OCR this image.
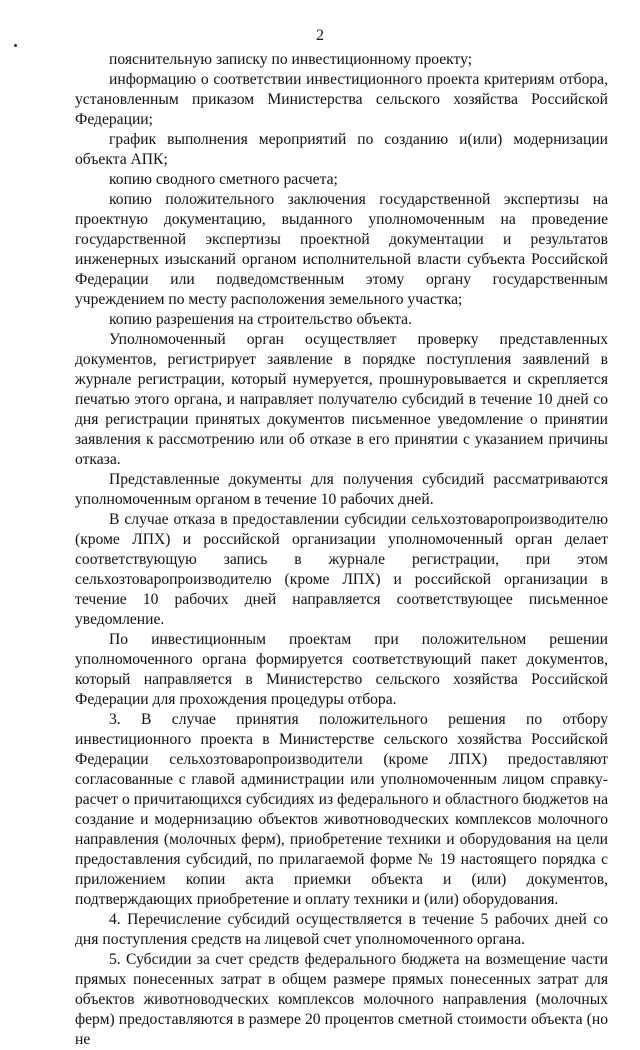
2

пояснительную записку по инвестиционному проекту;

информацию о соответствии инвестиционного проекта критериям отбора, установленным приказом Министерства сельского хозяйства Российской Федерации;

график выполнения мероприятий по созданию и(или) модернизации объекта АПК;

копию сводного сметного расчета;

копию положительного заключения государственной экспертизы на проектную документацию, выданного уполномоченным на проведение государственной экспертизы проектной документации и результатов инженерных изысканий органом исполнительной власти субъекта Российской Федерации или подведомственным этому органу государственным учреждением по месту расположения земельного участка;

копию разрешения на строительство объекта.

Уполномоченный орган осуществляет проверку представленных документов, регистрирует заявление в порядке поступления заявлений в журнале регистрации, который нумеруется, прошнуровывается и скрепляется печатью этого органа, и направляет получателю субсидий в течение 10 дней со дня регистрации принятых документов письменное уведомление о принятии заявления к рассмотрению или об отказе в его принятии с указанием причины отказа.

Представленные документы для получения субсидий рассматриваются уполномоченным органом в течение 10 рабочих дней.

В случае отказа в предоставлении субсидии сельхозтоваропроизводителю (кроме ЛПХ) и российской организации уполномоченный орган делает соответствующую запись в журнале регистрации, при этом сельхозтоваропроизводителю (кроме ЛПХ) и российской организации в течение 10 рабочих дней направляется соответствующее письменное уведомление.

По инвестиционным проектам при положительном решении уполномоченного органа формируется соответствующий пакет документов, который направляется в Министерство сельского хозяйства Российской Федерации для прохождения процедуры отбора.

3. В случае принятия положительного решения по отбору инвестиционного проекта в Министерстве сельского хозяйства Российской Федерации сельхозтоваропроизводители (кроме ЛПХ) предоставляют согласованные с главой администрации или уполномоченным лицом справку-расчет о причитающихся субсидиях из федерального и областного бюджетов на создание и модернизацию объектов животноводческих комплексов молочного направления (молочных ферм), приобретение техники и оборудования на цели предоставления субсидий, по прилагаемой форме № 19 настоящего порядка с приложением копии акта приемки объекта и (или) документов, подтверждающих приобретение и оплату техники и (или) оборудования.

4. Перечисление субсидий осуществляется в течение 5 рабочих дней со дня поступления средств на лицевой счет уполномоченного органа.

5. Субсидии за счет средств федерального бюджета на возмещение части прямых понесенных затрат в общем размере прямых понесенных затрат для объектов животноводческих комплексов молочного направления (молочных ферм) предоставляются в размере 20 процентов сметной стоимости объекта (но не
